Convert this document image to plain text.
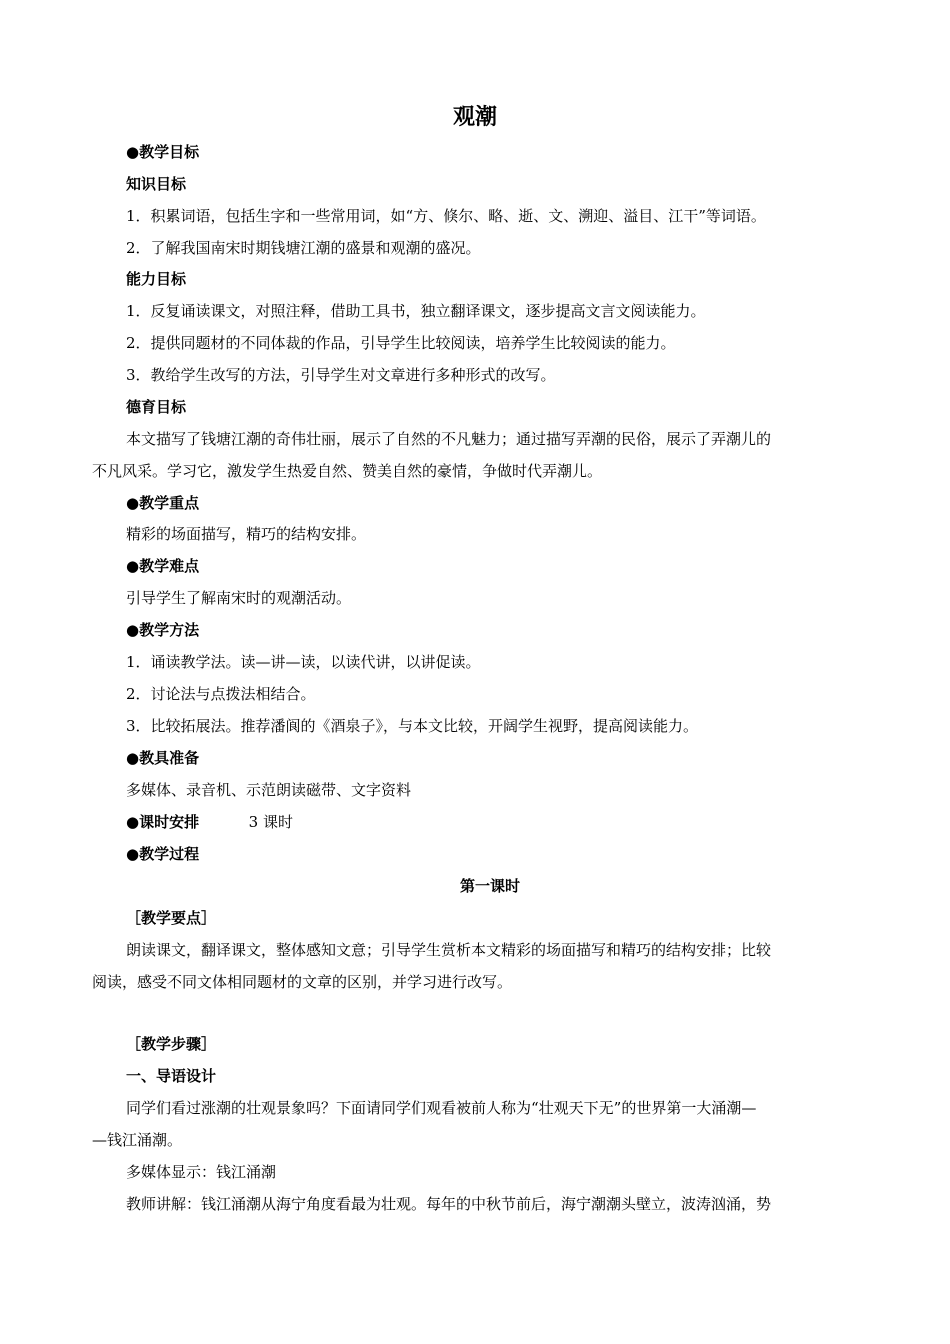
观潮
●教学目标
知识目标
1．积累词语，包括生字和一些常用词，如“方、倏尔、略、逝、文、溯迎、溢目、江干”等词语。
2．了解我国南宋时期钱塘江潮的盛景和观潮的盛况。
能力目标
1．反复诵读课文，对照注释，借助工具书，独立翻译课文，逐步提高文言文阅读能力。
2．提供同题材的不同体裁的作品，引导学生比较阅读，培养学生比较阅读的能力。
3．教给学生改写的方法，引导学生对文章进行多种形式的改写。
德育目标
本文描写了钱塘江潮的奇伟壮丽，展示了自然的不凡魅力；通过描写弄潮的民俗，展示了弄潮儿的
不凡风采。学习它，激发学生热爱自然、赞美自然的豪情，争做时代弄潮儿。
●教学重点
精彩的场面描写，精巧的结构安排。
●教学难点
引导学生了解南宋时的观潮活动。
●教学方法
1．诵读教学法。读—讲—读，以读代讲，以讲促读。
2．讨论法与点拨法相结合。
3．比较拓展法。推荐潘阆的《酒泉子》，与本文比较，开阔学生视野，提高阅读能力。
●教具准备
多媒体、录音机、示范朗读磁带、文字资料
●课时安排	3 课时
●教学过程
第一课时
［教学要点］
朗读课文，翻译课文，整体感知文意；引导学生赏析本文精彩的场面描写和精巧的结构安排；比较
阅读，感受不同文体相同题材的文章的区别，并学习进行改写。
［教学步骤］
一、导语设计
同学们看过涨潮的壮观景象吗？下面请同学们观看被前人称为“壮观天下无”的世界第一大涌潮—
—钱江涌潮。
多媒体显示：钱江涌潮
教师讲解：钱江涌潮从海宁角度看最为壮观。每年的中秋节前后，海宁潮潮头壁立，波涛汹涌，势
